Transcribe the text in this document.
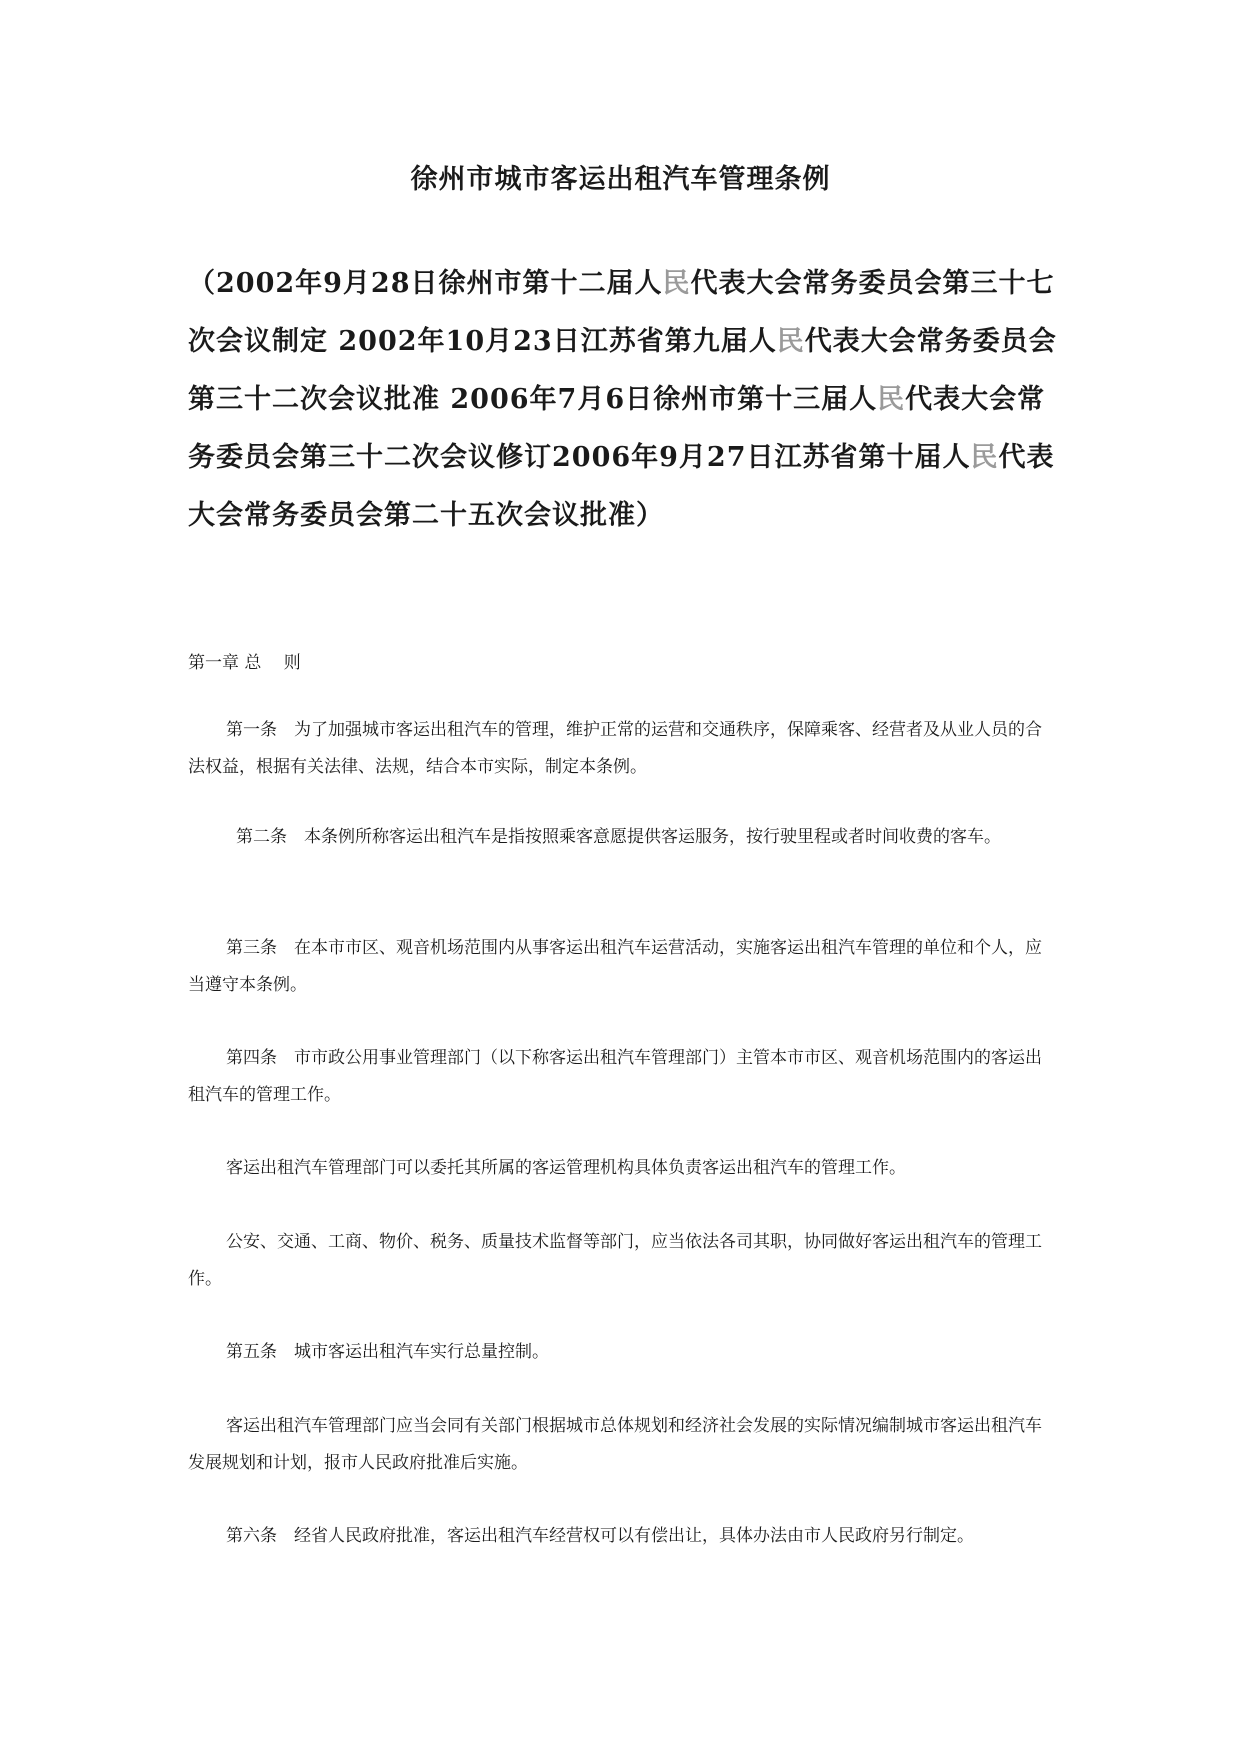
徐州市城市客运出租汽车管理条例

（2002年9月28日徐州市第十二届人民代表大会常务委员会第三十七次会议制定 2002年10月23日江苏省第九届人民代表大会常务委员会第三十二次会议批准 2006年7月6日徐州市第十三届人民代表大会常务委员会第三十二次会议修订2006年9月27日江苏省第十届人民代表大会常务委员会第二十五次会议批准）

第一章 总　 则

第一条　为了加强城市客运出租汽车的管理，维护正常的运营和交通秩序，保障乘客、经营者及从业人员的合法权益，根据有关法律、法规，结合本市实际，制定本条例。

第二条　本条例所称客运出租汽车是指按照乘客意愿提供客运服务，按行驶里程或者时间收费的客车。

第三条　在本市市区、观音机场范围内从事客运出租汽车运营活动，实施客运出租汽车管理的单位和个人，应当遵守本条例。

第四条　市市政公用事业管理部门（以下称客运出租汽车管理部门）主管本市市区、观音机场范围内的客运出租汽车的管理工作。

客运出租汽车管理部门可以委托其所属的客运管理机构具体负责客运出租汽车的管理工作。

公安、交通、工商、物价、税务、质量技术监督等部门，应当依法各司其职，协同做好客运出租汽车的管理工作。

第五条　城市客运出租汽车实行总量控制。

客运出租汽车管理部门应当会同有关部门根据城市总体规划和经济社会发展的实际情况编制城市客运出租汽车发展规划和计划，报市人民政府批准后实施。

第六条　经省人民政府批准，客运出租汽车经营权可以有偿出让，具体办法由市人民政府另行制定。
